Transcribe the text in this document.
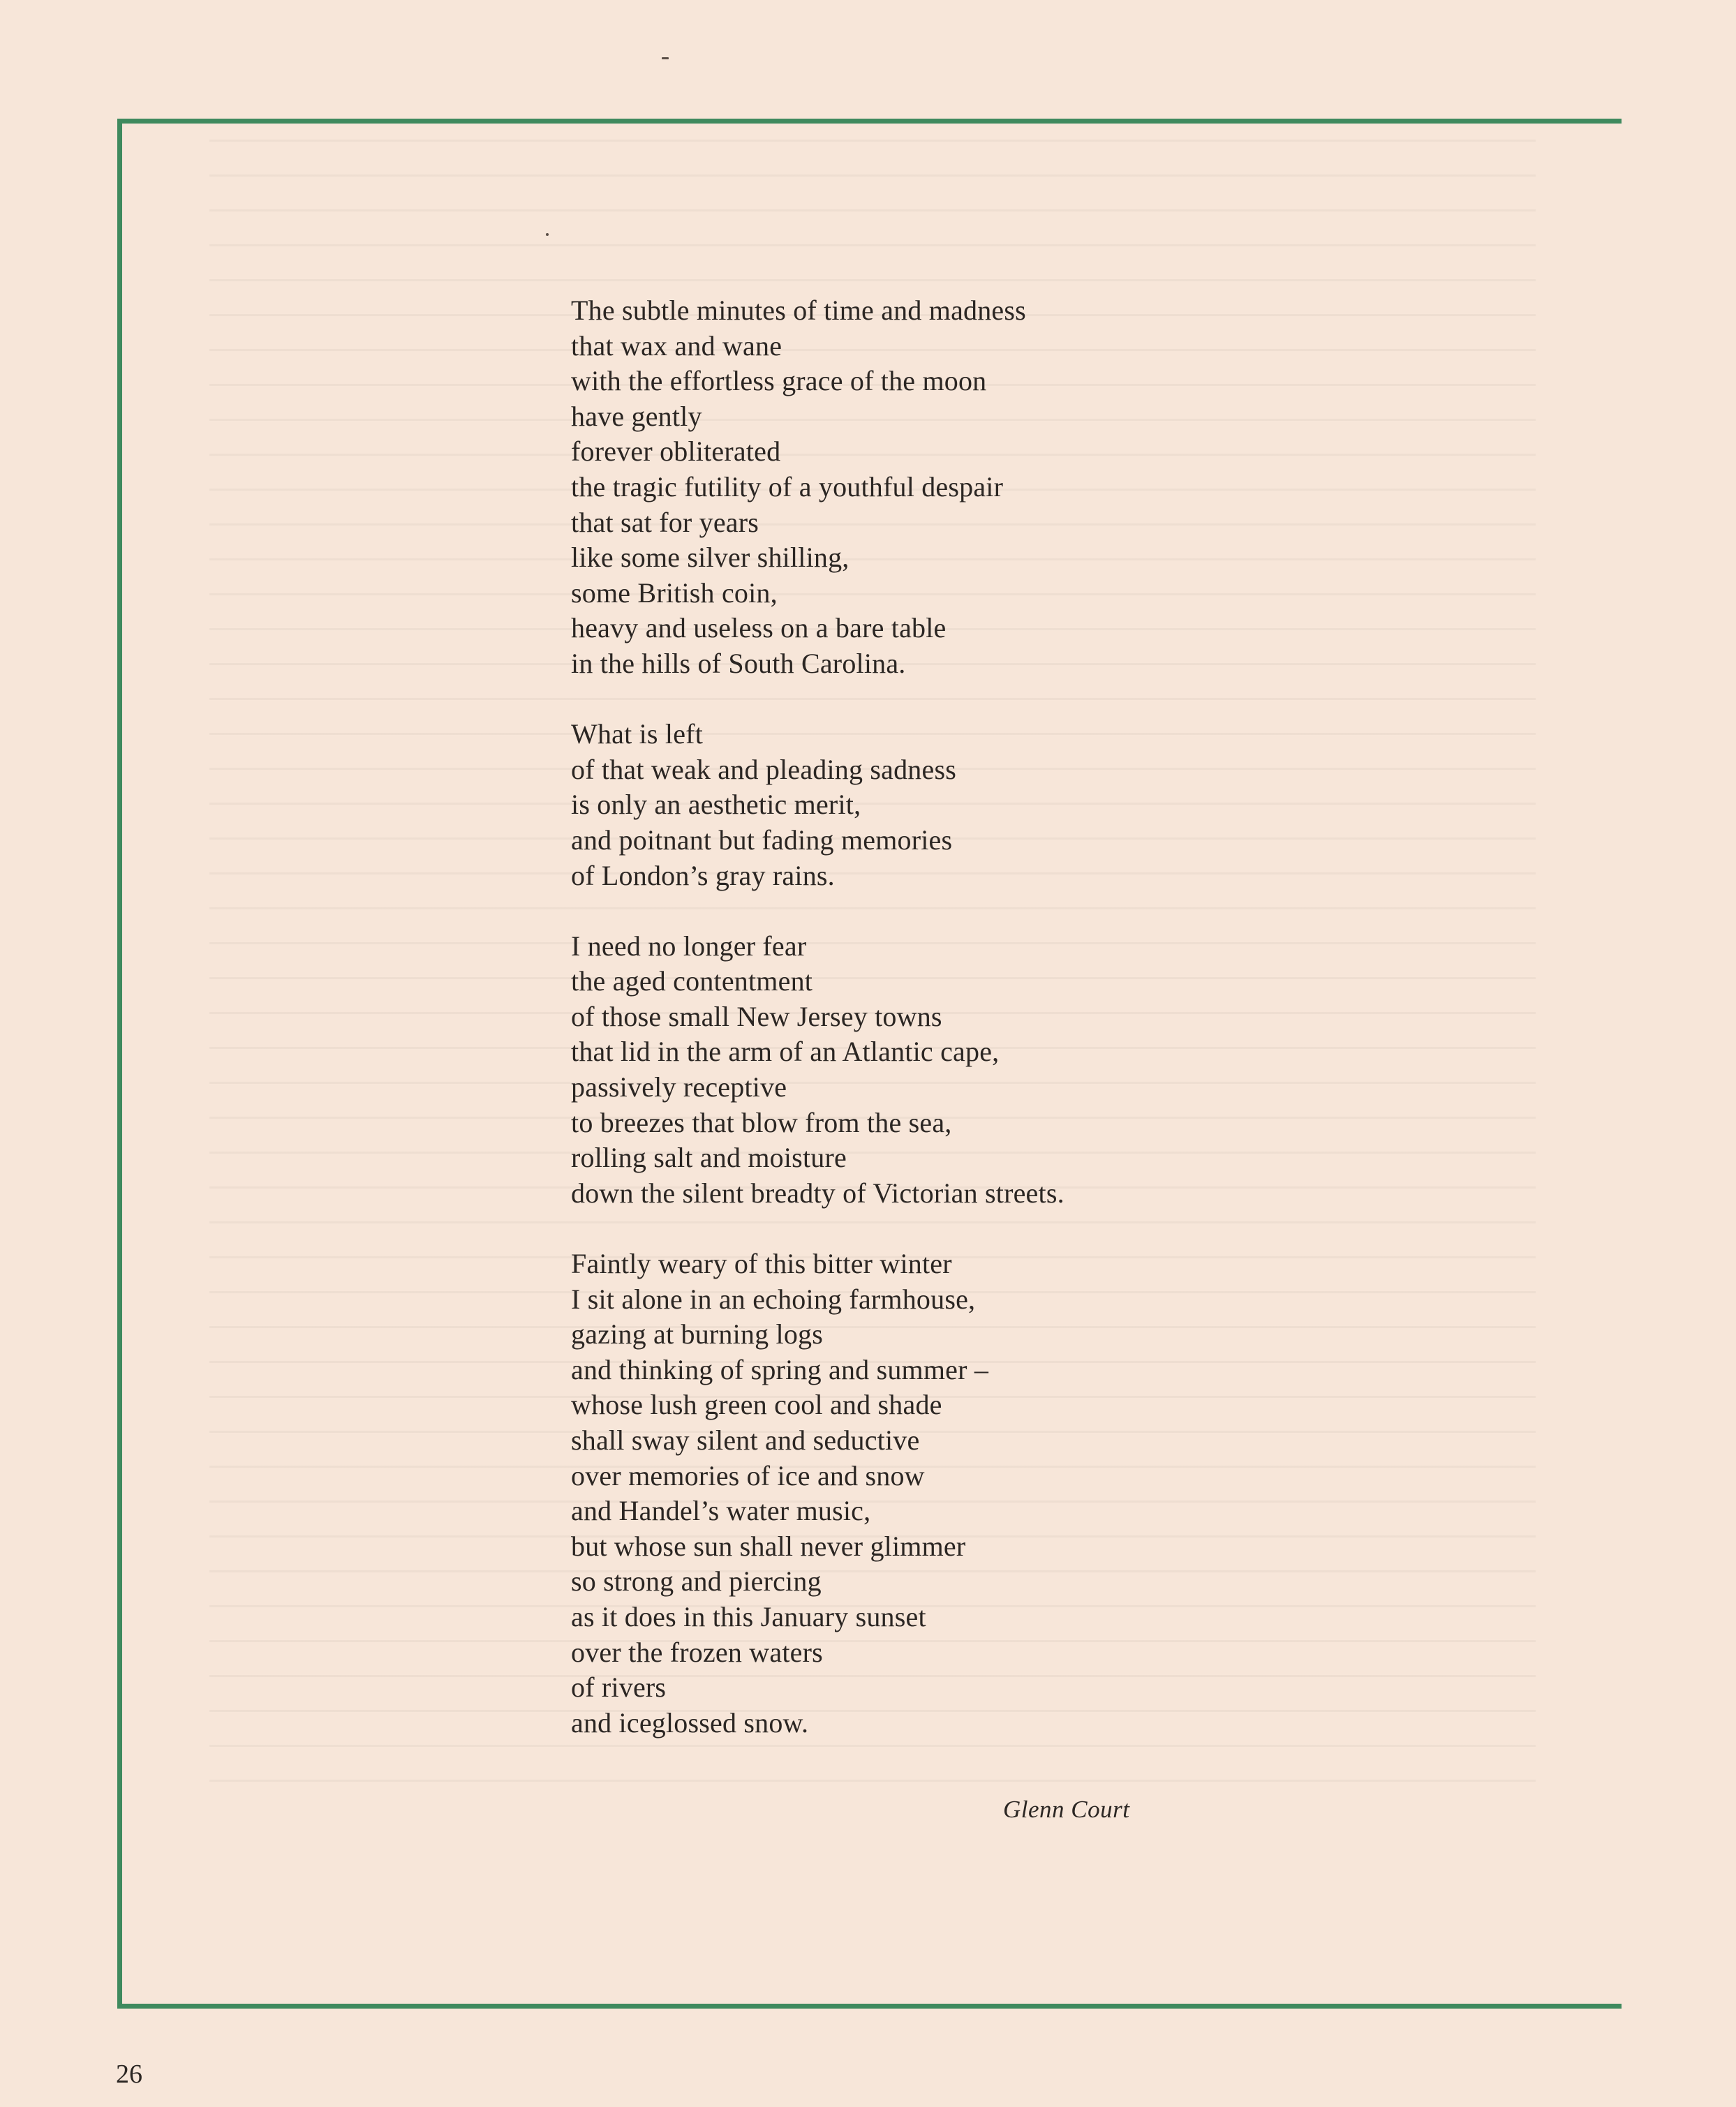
The subtle minutes of time and madness
that wax and wane
with the effortless grace of the moon
have gently
forever obliterated
the tragic futility of a youthful despair
that sat for years
like some silver shilling,
some British coin,
heavy and useless on a bare table
in the hills of South Carolina.
What is left
of that weak and pleading sadness
is only an aesthetic merit,
and poitnant but fading memories
of London’s gray rains.
I need no longer fear
the aged contentment
of those small New Jersey towns
that lid in the arm of an Atlantic cape,
passively receptive
to breezes that blow from the sea,
rolling salt and moisture
down the silent breadty of Victorian streets.
Faintly weary of this bitter winter
I sit alone in an echoing farmhouse,
gazing at burning logs
and thinking of spring and summer –
whose lush green cool and shade
shall sway silent and seductive
over memories of ice and snow
and Handel’s water music,
but whose sun shall never glimmer
so strong and piercing
as it does in this January sunset
over the frozen waters
of rivers
and iceglossed snow.
Glenn Court
26
